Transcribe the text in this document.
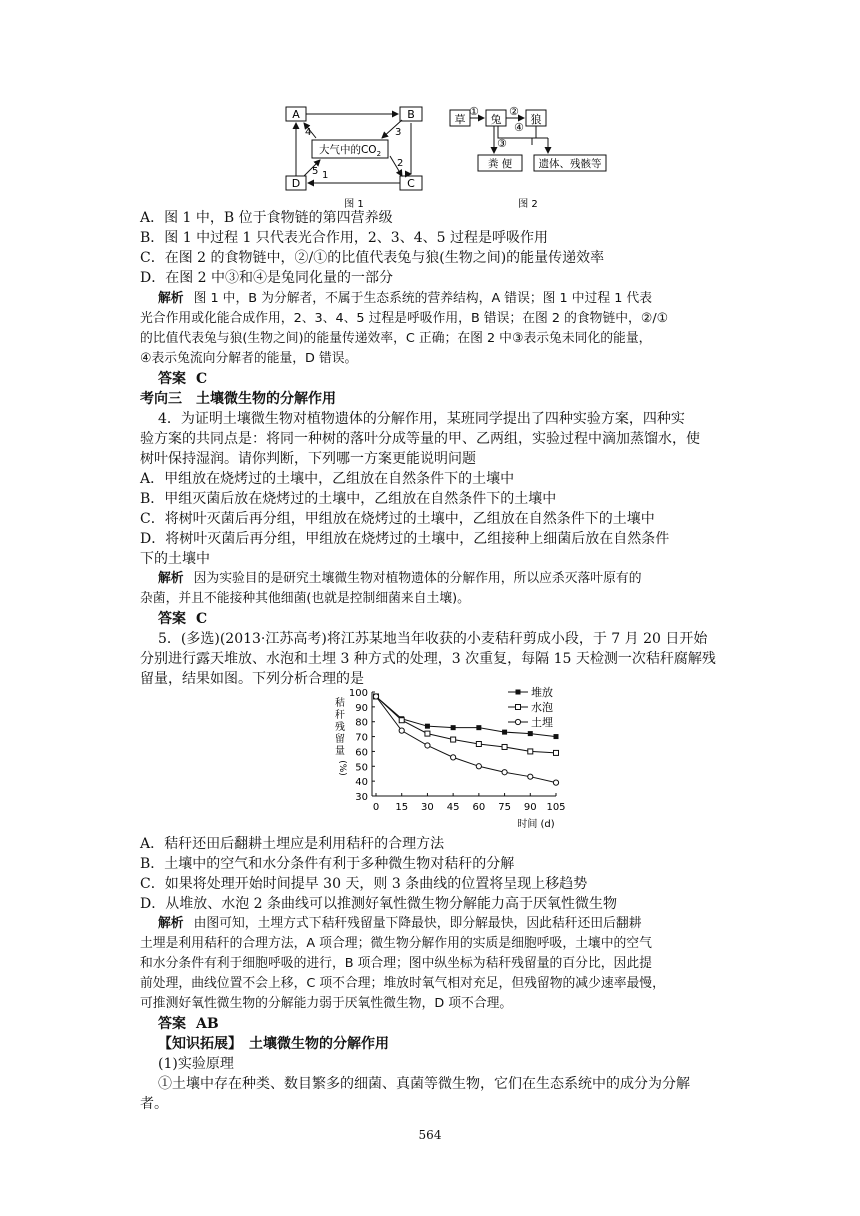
A	B
D	C
大气中的$CO_2$
4	3
2
5 1
图 1
草 兔	狼
①	②
④
③
粪 便	遗体、残骸等
图 2
A．图 1 中，B 位于食物链的第四营养级
B．图 1 中过程 1 只代表光合作用，2、3、4、5 过程是呼吸作用
C．在图 2 的食物链中，②/①的比值代表兔与狼(生物之间)的能量传递效率
D．在图 2 中③和④是兔同化量的一部分
解析 图 1 中，B 为分解者，不属于生态系统的营养结构，A 错误；图 1 中过程 1 代表
光合作用或化能合成作用，2、3、4、5 过程是呼吸作用，B 错误；在图 2 的食物链中，②/①
的比值代表兔与狼(生物之间)的能量传递效率，C 正确；在图 2 中③表示兔未同化的能量，
④表示兔流向分解者的能量，D 错误。
答案 C
考向三　土壤微生物的分解作用
4．为证明土壤微生物对植物遗体的分解作用，某班同学提出了四种实验方案，四种实
验方案的共同点是：将同一种树的落叶分成等量的甲、乙两组，实验过程中滴加蒸馏水，使
树叶保持湿润。请你判断，下列哪一方案更能说明问题
A．甲组放在烧烤过的土壤中，乙组放在自然条件下的土壤中
B．甲组灭菌后放在烧烤过的土壤中，乙组放在自然条件下的土壤中
C．将树叶灭菌后再分组，甲组放在烧烤过的土壤中，乙组放在自然条件下的土壤中
D．将树叶灭菌后再分组，甲组放在烧烤过的土壤中，乙组接种上细菌后放在自然条件
下的土壤中
解析 因为实验目的是研究土壤微生物对植物遗体的分解作用，所以应杀灭落叶原有的
杂菌，并且不能接种其他细菌(也就是控制细菌来自土壤)。
答案 C
5．(多选)(2013·江苏高考)将江苏某地当年收获的小麦秸秆剪成小段，于 7 月 20 日开始
分别进行露天堆放、水泡和土埋 3 种方式的处理，3 次重复，每隔 15 天检测一次秸秆腐解残
留量，结果如图。下列分析合理的是
30
40
50
60
70
80
90
100
0 15 30 45 60 75 90 105
时间 (d)
秸
秆
残
留
量
(%)
堆放
水泡
土埋
A．秸秆还田后翻耕土埋应是利用秸秆的合理方法
B．土壤中的空气和水分条件有利于多种微生物对秸秆的分解
C．如果将处理开始时间提早 30 天，则 3 条曲线的位置将呈现上移趋势
D．从堆放、水泡 2 条曲线可以推测好氧性微生物分解能力高于厌氧性微生物
解析 由图可知，土埋方式下秸秆残留量下降最快，即分解最快，因此秸秆还田后翻耕
土埋是利用秸秆的合理方法，A 项合理；微生物分解作用的实质是细胞呼吸，土壤中的空气
和水分条件有利于细胞呼吸的进行，B 项合理；图中纵坐标为秸秆残留量的百分比，因此提
前处理，曲线位置不会上移，C 项不合理；堆放时氧气相对充足，但残留物的减少速率最慢，
可推测好氧性微生物的分解能力弱于厌氧性微生物，D 项不合理。
答案 AB
【知识拓展】　土壤微生物的分解作用
(1)实验原理
①土壤中存在种类、数目繁多的细菌、真菌等微生物，它们在生态系统中的成分为分解
者。
564
